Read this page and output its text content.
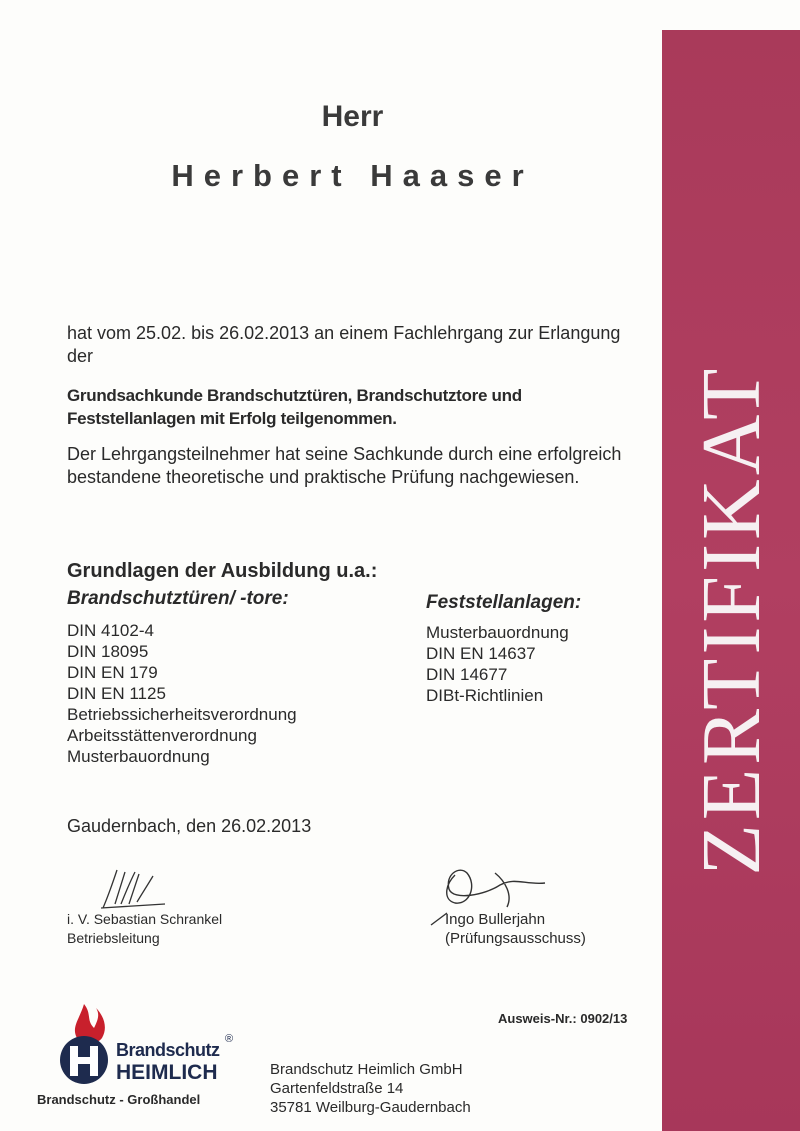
ZERTIFIKAT
Herr
Herbert Haaser
hat vom 25.02. bis 26.02.2013 an einem Fachlehrgang zur Erlangung der
Grundsachkunde Brandschutztüren, Brandschutztore und Feststellanlagen mit Erfolg teilgenommen.
Der Lehrgangsteilnehmer hat seine Sachkunde durch eine erfolgreich bestandene theoretische und praktische Prüfung nachgewiesen.
Grundlagen der Ausbildung u.a.:
Brandschutztüren/ -tore:	Feststellanlagen:
DIN 4102-4
DIN 18095
DIN EN 179
DIN EN 1125
Betriebssicherheitsverordnung
Arbeitsstättenverordnung
Musterbauordnung
Musterbauordnung
DIN EN 14637
DIN 14677
DIBt-Richtlinien
Gaudernbach, den 26.02.2013
i. V. Sebastian Schrankel
Betriebsleitung
Ingo Bullerjahn
(Prüfungsausschuss)
Ausweis-Nr.: 0902/13
Brandschutz
HEIMLICH
®
Brandschutz - Großhandel
Brandschutz Heimlich GmbH
Gartenfeldstraße 14
35781 Weilburg-Gaudernbach
